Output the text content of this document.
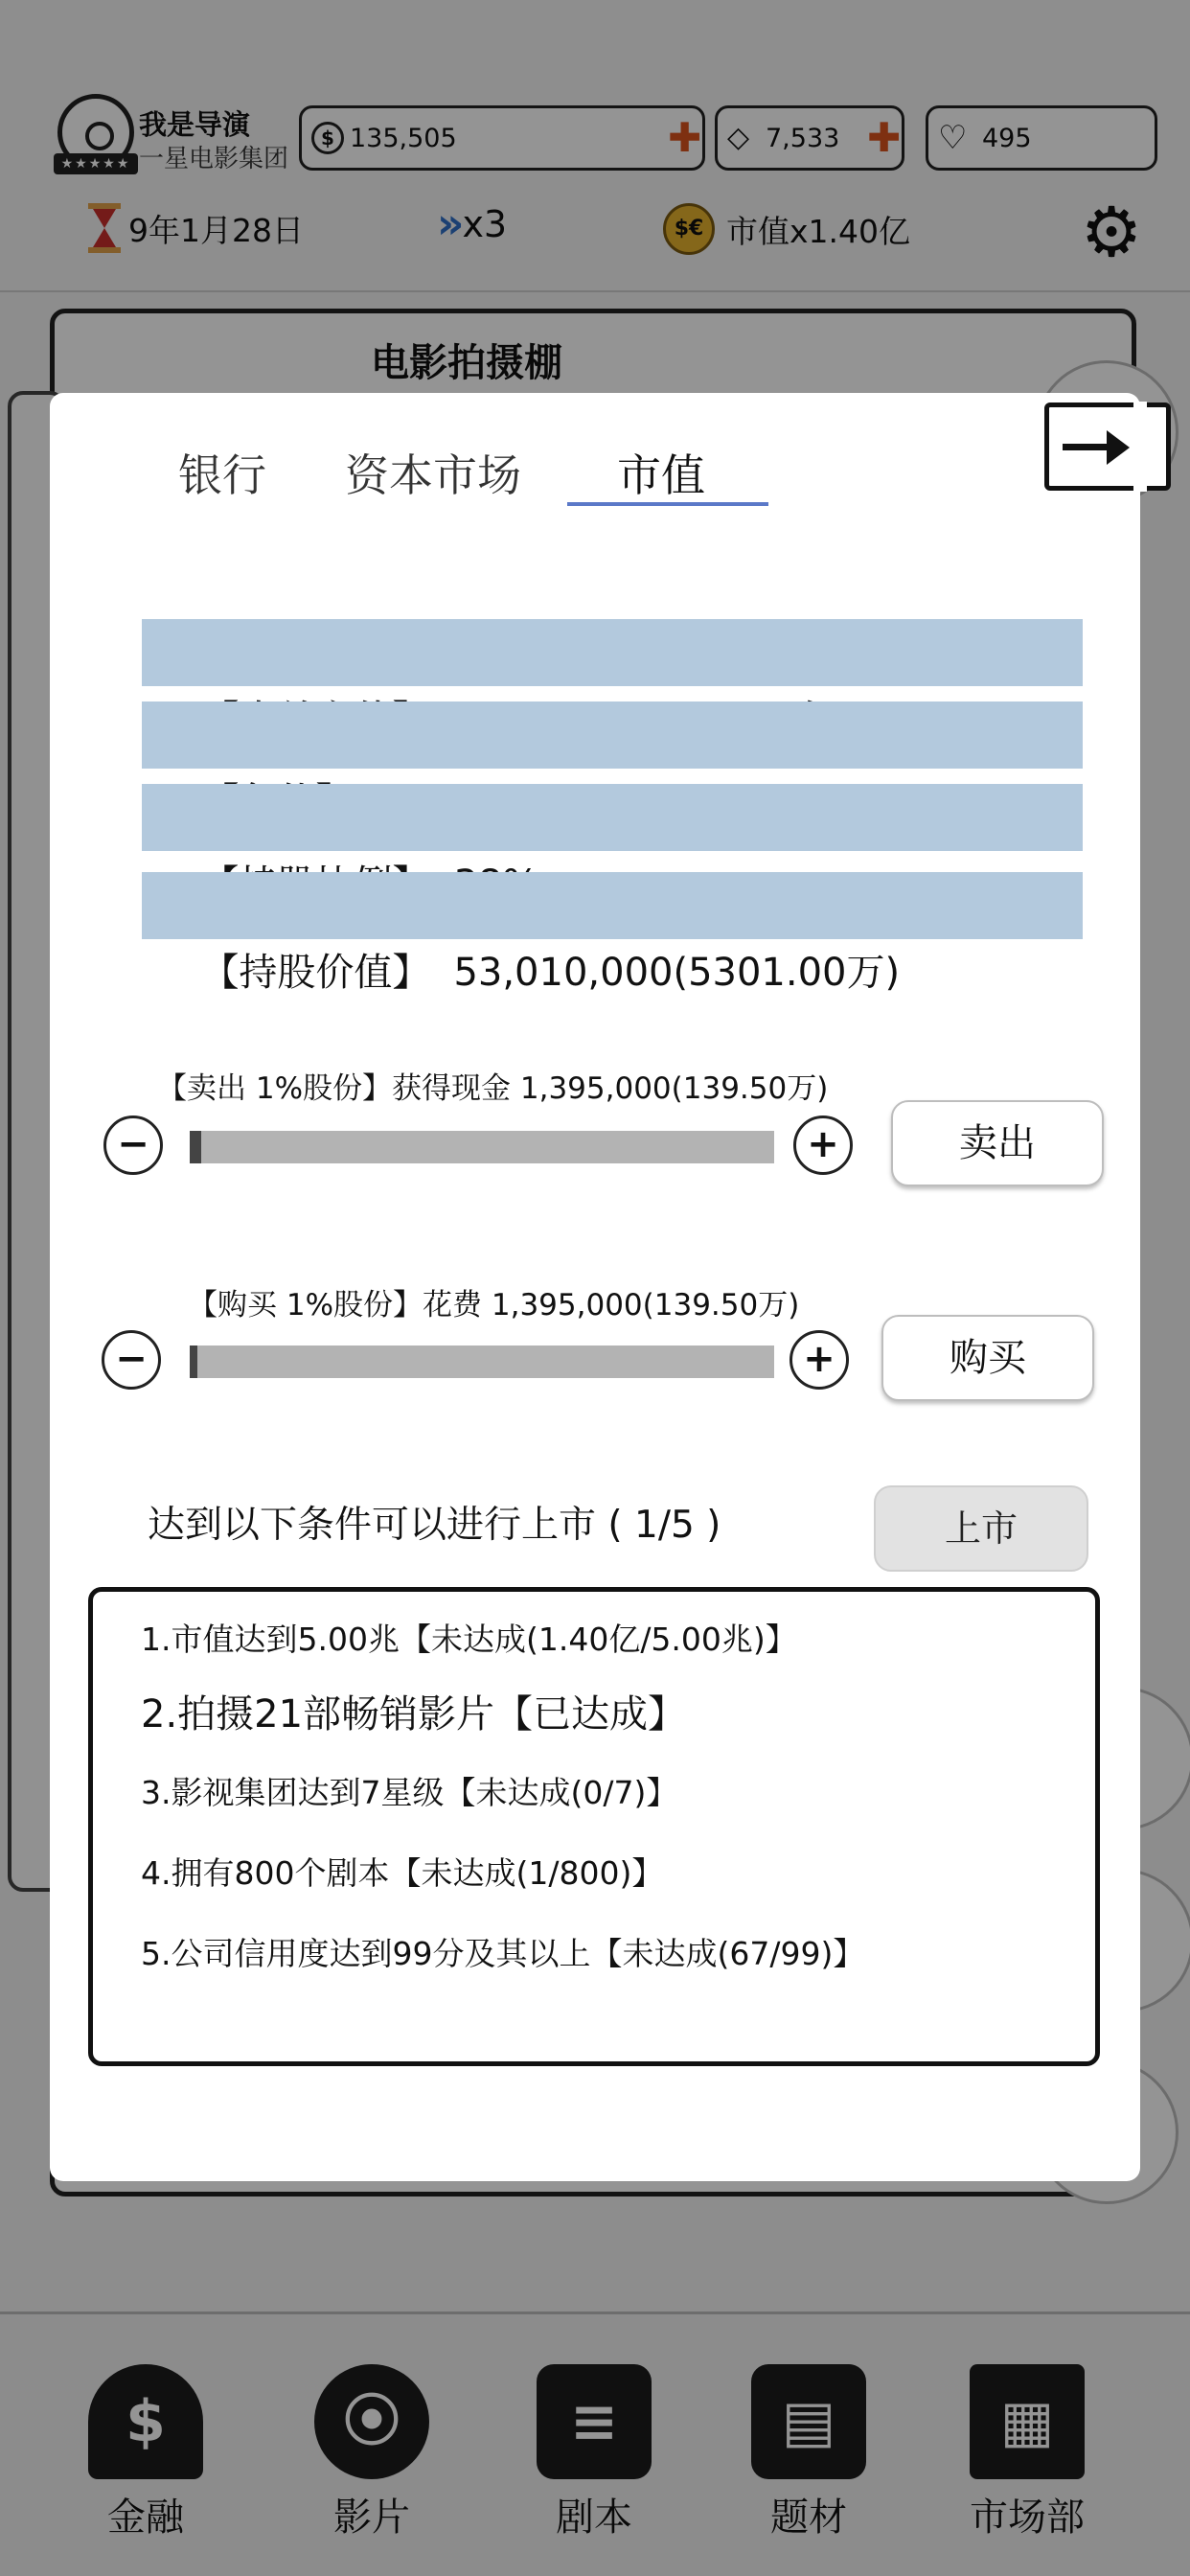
★★★★★
我是导演
一星电影集团
$ 135,505	✚ ◇ 7,533 ✚ ♡ 495
9年1月28日	» x3	$€ 市值x1.40亿 ⚙
电影拍摄棚
$
金融
⦿
影片
≡
剧本
▤
题材
▦
市场部
银行 资本市场 市值

【持股价值】 53,010,000(5301.00万)

【卖出 1%股份】获得现金 1,395,000(139.50万)
−	+	卖出
【购买 1%股份】花费 1,395,000(139.50万)
−	+	购买
达到以下条件可以进行上市 ( 1/5 )	上市
1.市值达到5.00兆【未达成(1.40亿/5.00兆)】
2.拍摄21部畅销影片【已达成】
3.影视集团达到7星级【未达成(0/7)】
4.拥有800个剧本【未达成(1/800)】
5.公司信用度达到99分及其以上【未达成(67/99)】
